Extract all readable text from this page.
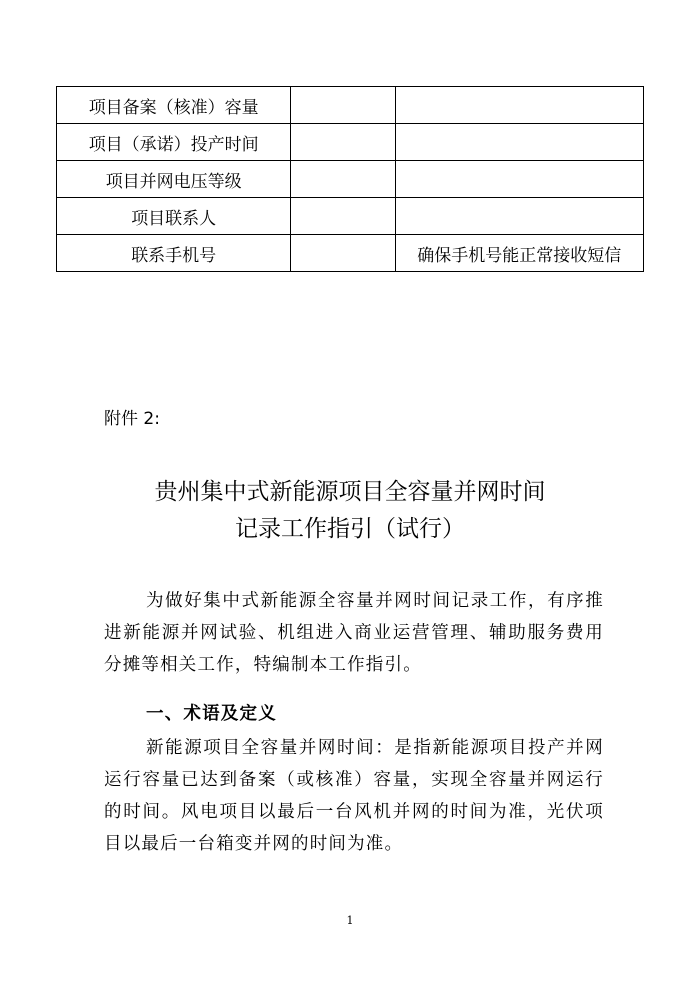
项目备案（核准）容量		
项目（承诺）投产时间		
项目并网电压等级		
项目联系人		
联系手机号		确保手机号能正常接收短信
附件 2:
贵州集中式新能源项目全容量并网时间
记录工作指引（试行）
为做好集中式新能源全容量并网时间记录工作，有序推进新能源并网试验、机组进入商业运营管理、辅助服务费用分摊等相关工作，特编制本工作指引。
一、术语及定义
新能源项目全容量并网时间：是指新能源项目投产并网运行容量已达到备案（或核准）容量，实现全容量并网运行的时间。风电项目以最后一台风机并网的时间为准，光伏项目以最后一台箱变并网的时间为准。
1
